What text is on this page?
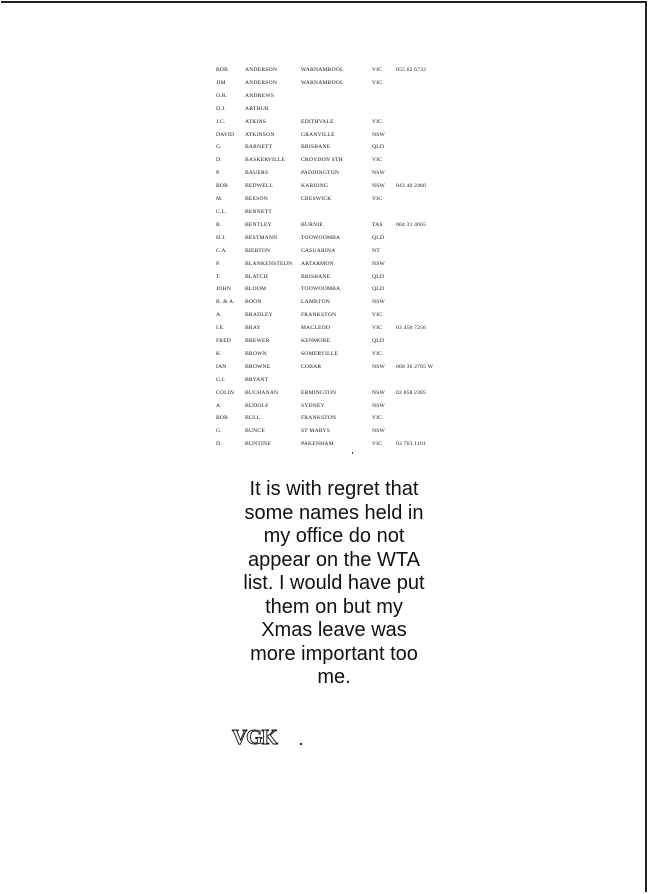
BOB	ANDERSON	WARNAMBOOL	VIC	055 62 6732
JIM	ANDERSON	WARNAMBOOL	VIC	
O.R.	ANDREWS			
D.J.	ARTHUR			
J.C.	ATKINS	EDITHVALE	VIC	
DAVID	ATKINSON	GRANVILLE	NSW	
G.	BARNETT	BRISBANE	QLD	
D.	BASKERVILLE	CROYDON STH	VIC	
P.	BAUERS	PADDINGTON	NSW	
BOB	BEDWELL	KARIONG	NSW	043 40 2466
M.	BEESON	CRESWICK	VIC	
C.L.	BENNETT			
R.	BENTLEY	BURNIE	TAS	004 31 4665
H.J.	BESTMANN	TOOWOOMBA	QLD	
C.A.	BIERTON	CASUARINA	NT	
P.	BLANKENSTEIJN	ARTARMON	NSW	
T.	BLATCH	BRISBANE	QLD	
JOHN	BLOOM	TOOWOOMBA	QLD	
R. & A.	BOON	LAMBTON	NSW	
A.	BRADLEY	FRANKSTON	VIC	
I.E.	BRAY	MACLEOD	VIC	03 450 7256
FRED	BREWER	KENMORE	QLD	
K.	BROWN	SOMERVILLE	VIC	
IAN	BROWNE	COBAR	NSW	068 36 2705 W
G.I.	BRYANT			
COLIN	BUCHANAN	ERMINGTON	NSW	02 858 2385
A.	BUDOLF	SYDNEY	NSW	
BOB	BULL	FRANKSTON	VIC	
G.	BUNCE	ST MARYS	NSW	
D.	BUNTINE	PAKENHAM	VIC	03 763 1101
It is with regret that
some names held in
my office do not
appear on the WTA
list. I would have put
them on but my
Xmas leave was
more important too
me.
VGK
